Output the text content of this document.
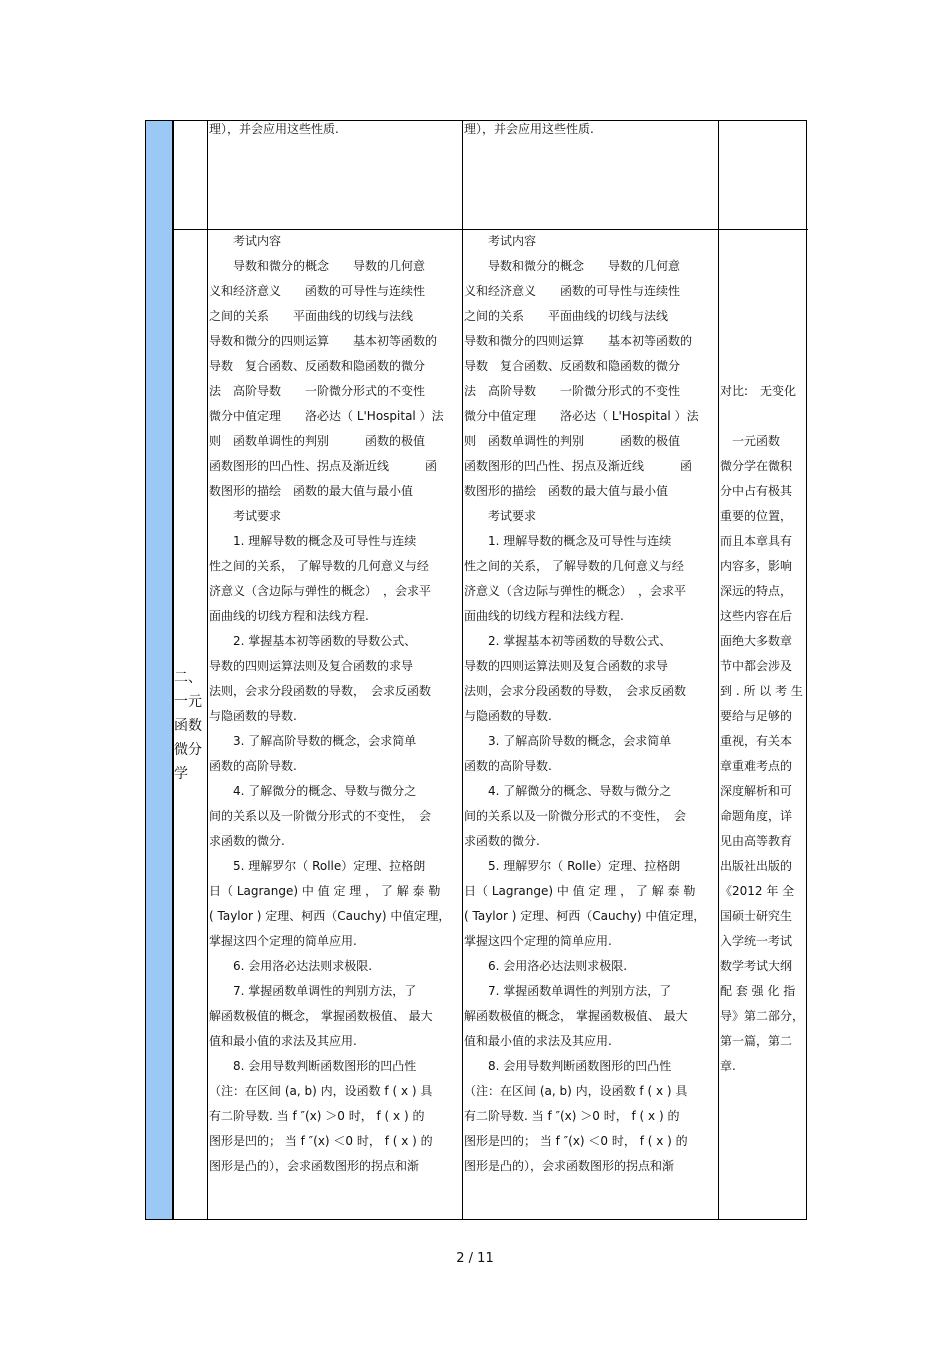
理），并会应用这些性质.	理），并会应用这些性质.

二、

一元

函数

微分

学

　　考试内容

　　导数和微分的概念　　导数的几何意

义和经济意义　　函数的可导性与连续性

之间的关系　　平面曲线的切线与法线

导数和微分的四则运算　　基本初等函数的

导数　复合函数、反函数和隐函数的微分

法　高阶导数　　一阶微分形式的不变性

微分中值定理　　洛必达（ L'Hospital ）法

则　函数单调性的判别　　　函数的极值

函数图形的凹凸性、拐点及渐近线　　　函

数图形的描绘　函数的最大值与最小值

　　考试要求

　　1. 理解导数的概念及可导性与连续

性之间的关系， 了解导数的几何意义与经

济意义（含边际与弹性的概念）　，会求平

面曲线的切线方程和法线方程.

　　2. 掌握基本初等函数的导数公式、

导数的四则运算法则及复合函数的求导

法则，会求分段函数的导数，　会求反函数

与隐函数的导数.

　　3. 了解高阶导数的概念，会求简单

函数的高阶导数.

　　4. 了解微分的概念、导数与微分之

间的关系以及一阶微分形式的不变性，　会

求函数的微分.

　　5. 理解罗尔（ Rolle）定理、拉格朗

日（ Lagrange) 中 值 定 理 ， 了 解 泰 勒

( Taylor ) 定理、柯西（Cauchy) 中值定理，

掌握这四个定理的简单应用.

　　6. 会用洛必达法则求极限.

　　7. 掌握函数单调性的判别方法，了

解函数极值的概念， 掌握函数极值、 最大

值和最小值的求法及其应用.

　　8. 会用导数判断函数图形的凹凸性

（注：在区间 (a, b) 内，设函数 f ( x ) 具

有二阶导数. 当 f ″(x) ＞0 时， f ( x ) 的

图形是凹的； 当 f ″(x) ＜0 时， f ( x ) 的

图形是凸的），会求函数图形的拐点和渐

　　考试内容

　　导数和微分的概念　　导数的几何意

义和经济意义　　函数的可导性与连续性

之间的关系　　平面曲线的切线与法线

导数和微分的四则运算　　基本初等函数的

导数　复合函数、反函数和隐函数的微分

法　高阶导数　　一阶微分形式的不变性

微分中值定理　　洛必达（ L'Hospital ）法

则　函数单调性的判别　　　函数的极值

函数图形的凹凸性、拐点及渐近线　　　函

数图形的描绘　函数的最大值与最小值

　　考试要求

　　1. 理解导数的概念及可导性与连续

性之间的关系， 了解导数的几何意义与经

济意义（含边际与弹性的概念）　，会求平

面曲线的切线方程和法线方程.

　　2. 掌握基本初等函数的导数公式、

导数的四则运算法则及复合函数的求导

法则，会求分段函数的导数，　会求反函数

与隐函数的导数.

　　3. 了解高阶导数的概念，会求简单

函数的高阶导数.

　　4. 了解微分的概念、导数与微分之

间的关系以及一阶微分形式的不变性，　会

求函数的微分.

　　5. 理解罗尔（ Rolle）定理、拉格朗

日（ Lagrange) 中 值 定 理 ， 了 解 泰 勒

( Taylor ) 定理、柯西（Cauchy) 中值定理，

掌握这四个定理的简单应用.

　　6. 会用洛必达法则求极限.

　　7. 掌握函数单调性的判别方法，了

解函数极值的概念， 掌握函数极值、 最大

值和最小值的求法及其应用.

　　8. 会用导数判断函数图形的凹凸性

（注：在区间 (a, b) 内，设函数 f ( x ) 具

有二阶导数. 当 f ″(x) ＞0 时， f ( x ) 的

图形是凹的； 当 f ″(x) ＜0 时， f ( x ) 的

图形是凸的），会求函数图形的拐点和渐

对比:　无变化

　一元函数

微分学在微积

分中占有极其

重要的位置，

而且本章具有

内容多，影响

深远的特点，

这些内容在后

面绝大多数章

节中都会涉及

到 . 所 以 考 生

要给与足够的

重视，有关本

章重难考点的

深度解析和可

命题角度，详

见由高等教育

出版社出版的

《2012 年 全

国硕士研究生

入学统一考试

数学考试大纲

配 套 强 化 指

导》第二部分，

第一篇，第二

章.

2 / 11
